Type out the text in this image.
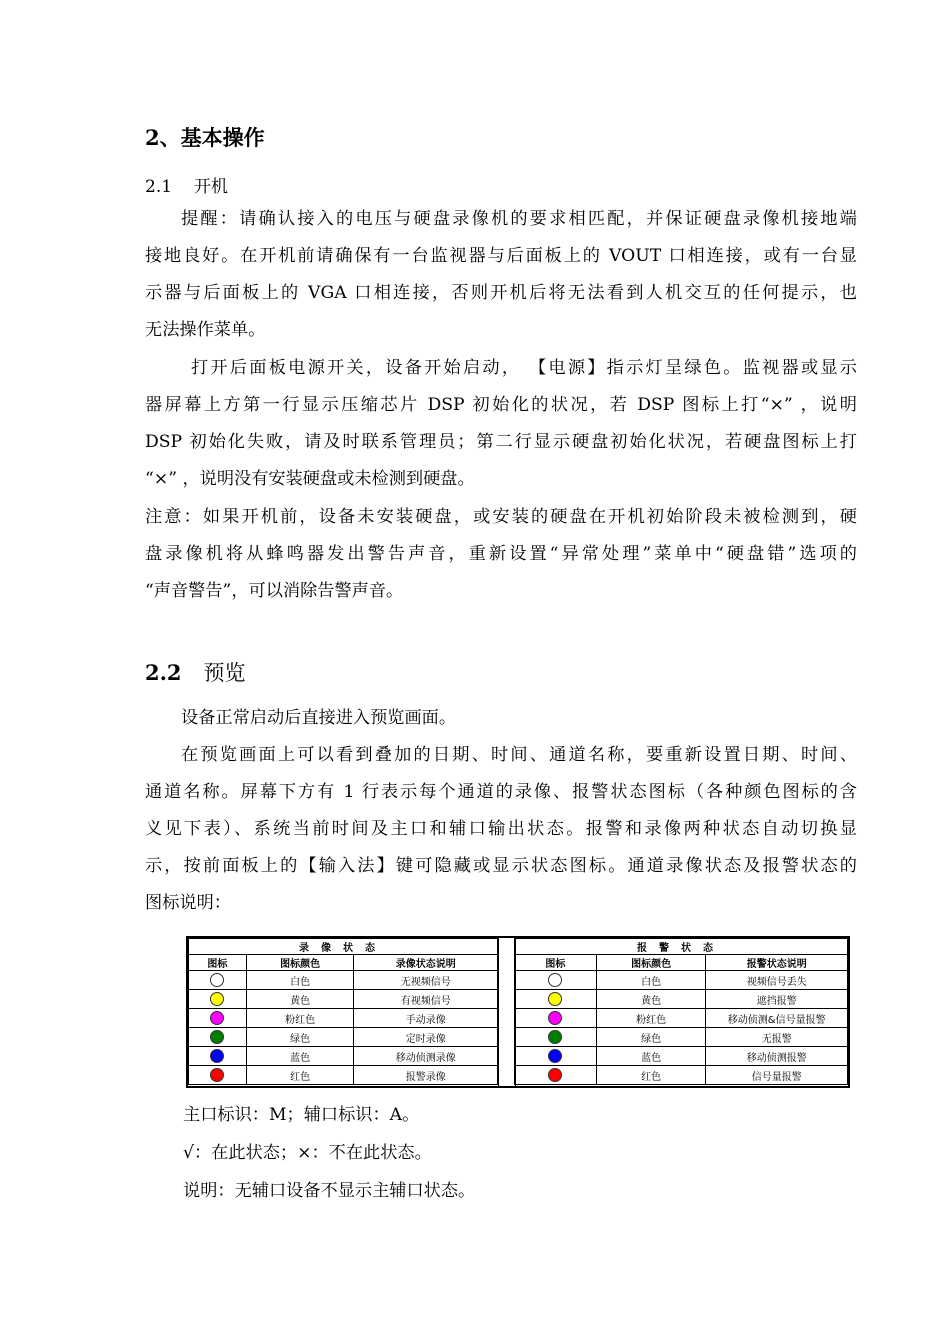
2、基本操作
2.1 开机
提醒：请确认接入的电压与硬盘录像机的要求相匹配，并保证硬盘录像机接地端
接地良好。在开机前请确保有一台监视器与后面板上的 VOUT 口相连接，或有一台显
示器与后面板上的 VGA 口相连接，否则开机后将无法看到人机交互的任何提示，也
无法操作菜单。
打开后面板电源开关，设备开始启动， 【电源】指示灯呈绿色。监视器或显示
器屏幕上方第一行显示压缩芯片 DSP 初始化的状况，若 DSP 图标上打“×” ，说明
DSP 初始化失败，请及时联系管理员；第二行显示硬盘初始化状况，若硬盘图标上打
“×” ，说明没有安装硬盘或未检测到硬盘。
注意：如果开机前，设备未安装硬盘，或安装的硬盘在开机初始阶段未被检测到，硬
盘录像机将从蜂鸣器发出警告声音，重新设置“异常处理”菜单中“硬盘错”选项的
“声音警告”，可以消除告警声音。
2.2 预览
设备正常启动后直接进入预览画面。
在预览画面上可以看到叠加的日期、时间、通道名称，要重新设置日期、时间、
通道名称。屏幕下方有 1 行表示每个通道的录像、报警状态图标（各种颜色图标的含
义见下表）、系统当前时间及主口和辅口输出状态。报警和录像两种状态自动切换显
示，按前面板上的【输入法】键可隐藏或显示状态图标。通道录像状态及报警状态的
图标说明：
录像状态		
图标	图标颜色	录像状态说明
	白色	无视频信号
	黄色	有视频信号
	粉红色	手动录像
	绿色	定时录像
	蓝色	移动侦测录像
	红色	报警录像
报警状态		
图标	图标颜色	报警状态说明
	白色	视频信号丢失
	黄色	遮挡报警
	粉红色	移动侦测&信号量报警
	绿色	无报警
	蓝色	移动侦测报警
	红色	信号量报警
主口标识：M；辅口标识：A。
√：在此状态；×：不在此状态。
说明：无辅口设备不显示主辅口状态。
